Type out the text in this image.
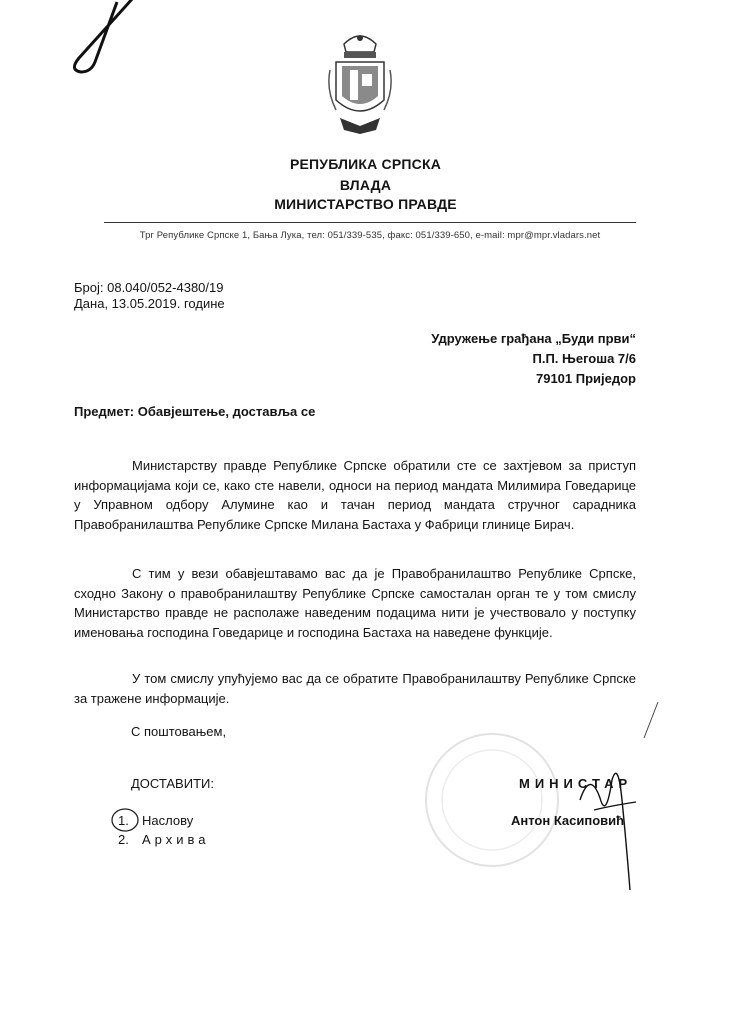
РЕПУБЛИКА СРПСКА
ВЛАДА
МИНИСТАРСТВО ПРАВДЕ
Трг Републике Српске 1, Бања Лука, тел: 051/339-535, факс: 051/339-650, e-mail: mpr@mpr.vladars.net
Број: 08.040/052-4380/19
Дана, 13.05.2019. године
Удружење грађана „Буди први“
П.П. Његоша 7/6
79101 Приједор
Предмет: Обавјештење, доставља се
Министарству правде Републике Српске обратили сте се захтјевом за приступ информацијама који се, како сте навели, односи на период мандата Милимира Говедарице у Управном одбору Алумине као и тачан период мандата стручног сарадника Правобранилаштва Републике Српске Милана Бастаха у Фабрици глинице Бирач.
С тим у вези обавјештавамо вас да је Правобранилаштво Републике Српске, сходно Закону о правобранилаштву Републике Српске самосталан орган те у том смислу Министарство правде не располаже наведеним подацима нити је учествовало у поступку именовања господина Говедарице и господина Бастаха на наведене функције.
У том смислу упућујемо вас да се обратите Правобранилаштву Републике Српске за тражене информације.
С поштовањем,
ДОСТАВИТИ:
1. Наслову
2. Архива
МИНИСТАР
Антон Касиповић
